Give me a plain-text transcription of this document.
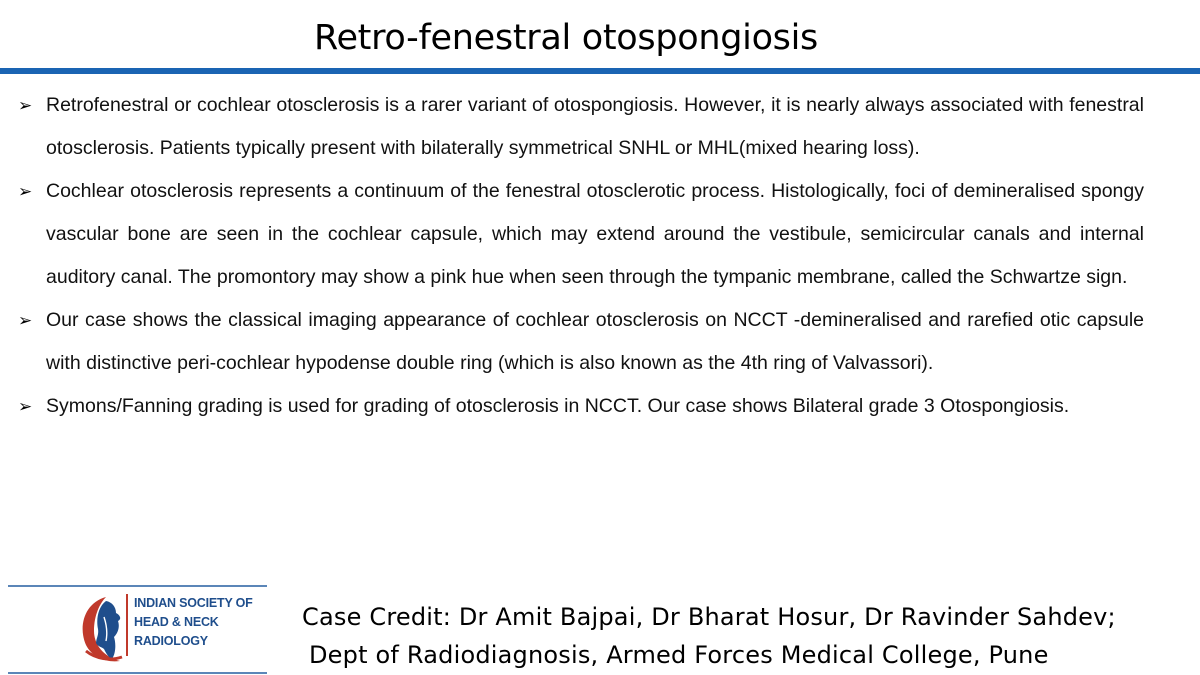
Retro-fenestral otospongiosis
➢ Retrofenestral or cochlear otosclerosis is a rarer variant of otospongiosis. However, it is nearly always associated with fenestral otosclerosis. Patients typically present with bilaterally symmetrical SNHL or MHL(mixed hearing loss).
➢ Cochlear otosclerosis represents a continuum of the fenestral otosclerotic process. Histologically, foci of demineralised spongy vascular bone are seen in the cochlear capsule, which may extend around the vestibule, semicircular canals and internal auditory canal. The promontory may show a pink hue when seen through the tympanic membrane, called the Schwartze sign.
➢ Our case shows the classical imaging appearance of cochlear otosclerosis on NCCT -demineralised and rarefied otic capsule with distinctive peri-cochlear hypodense double ring (which is also known as the 4th ring of Valvassori).
➢ Symons/Fanning grading is used for grading of otosclerosis in NCCT. Our case shows Bilateral grade 3 Otospongiosis.
INDIAN SOCIETY OF
HEAD & NECK
RADIOLOGY
Case Credit: Dr Amit Bajpai, Dr Bharat Hosur, Dr Ravinder Sahdev;
Dept of Radiodiagnosis, Armed Forces Medical College, Pune
